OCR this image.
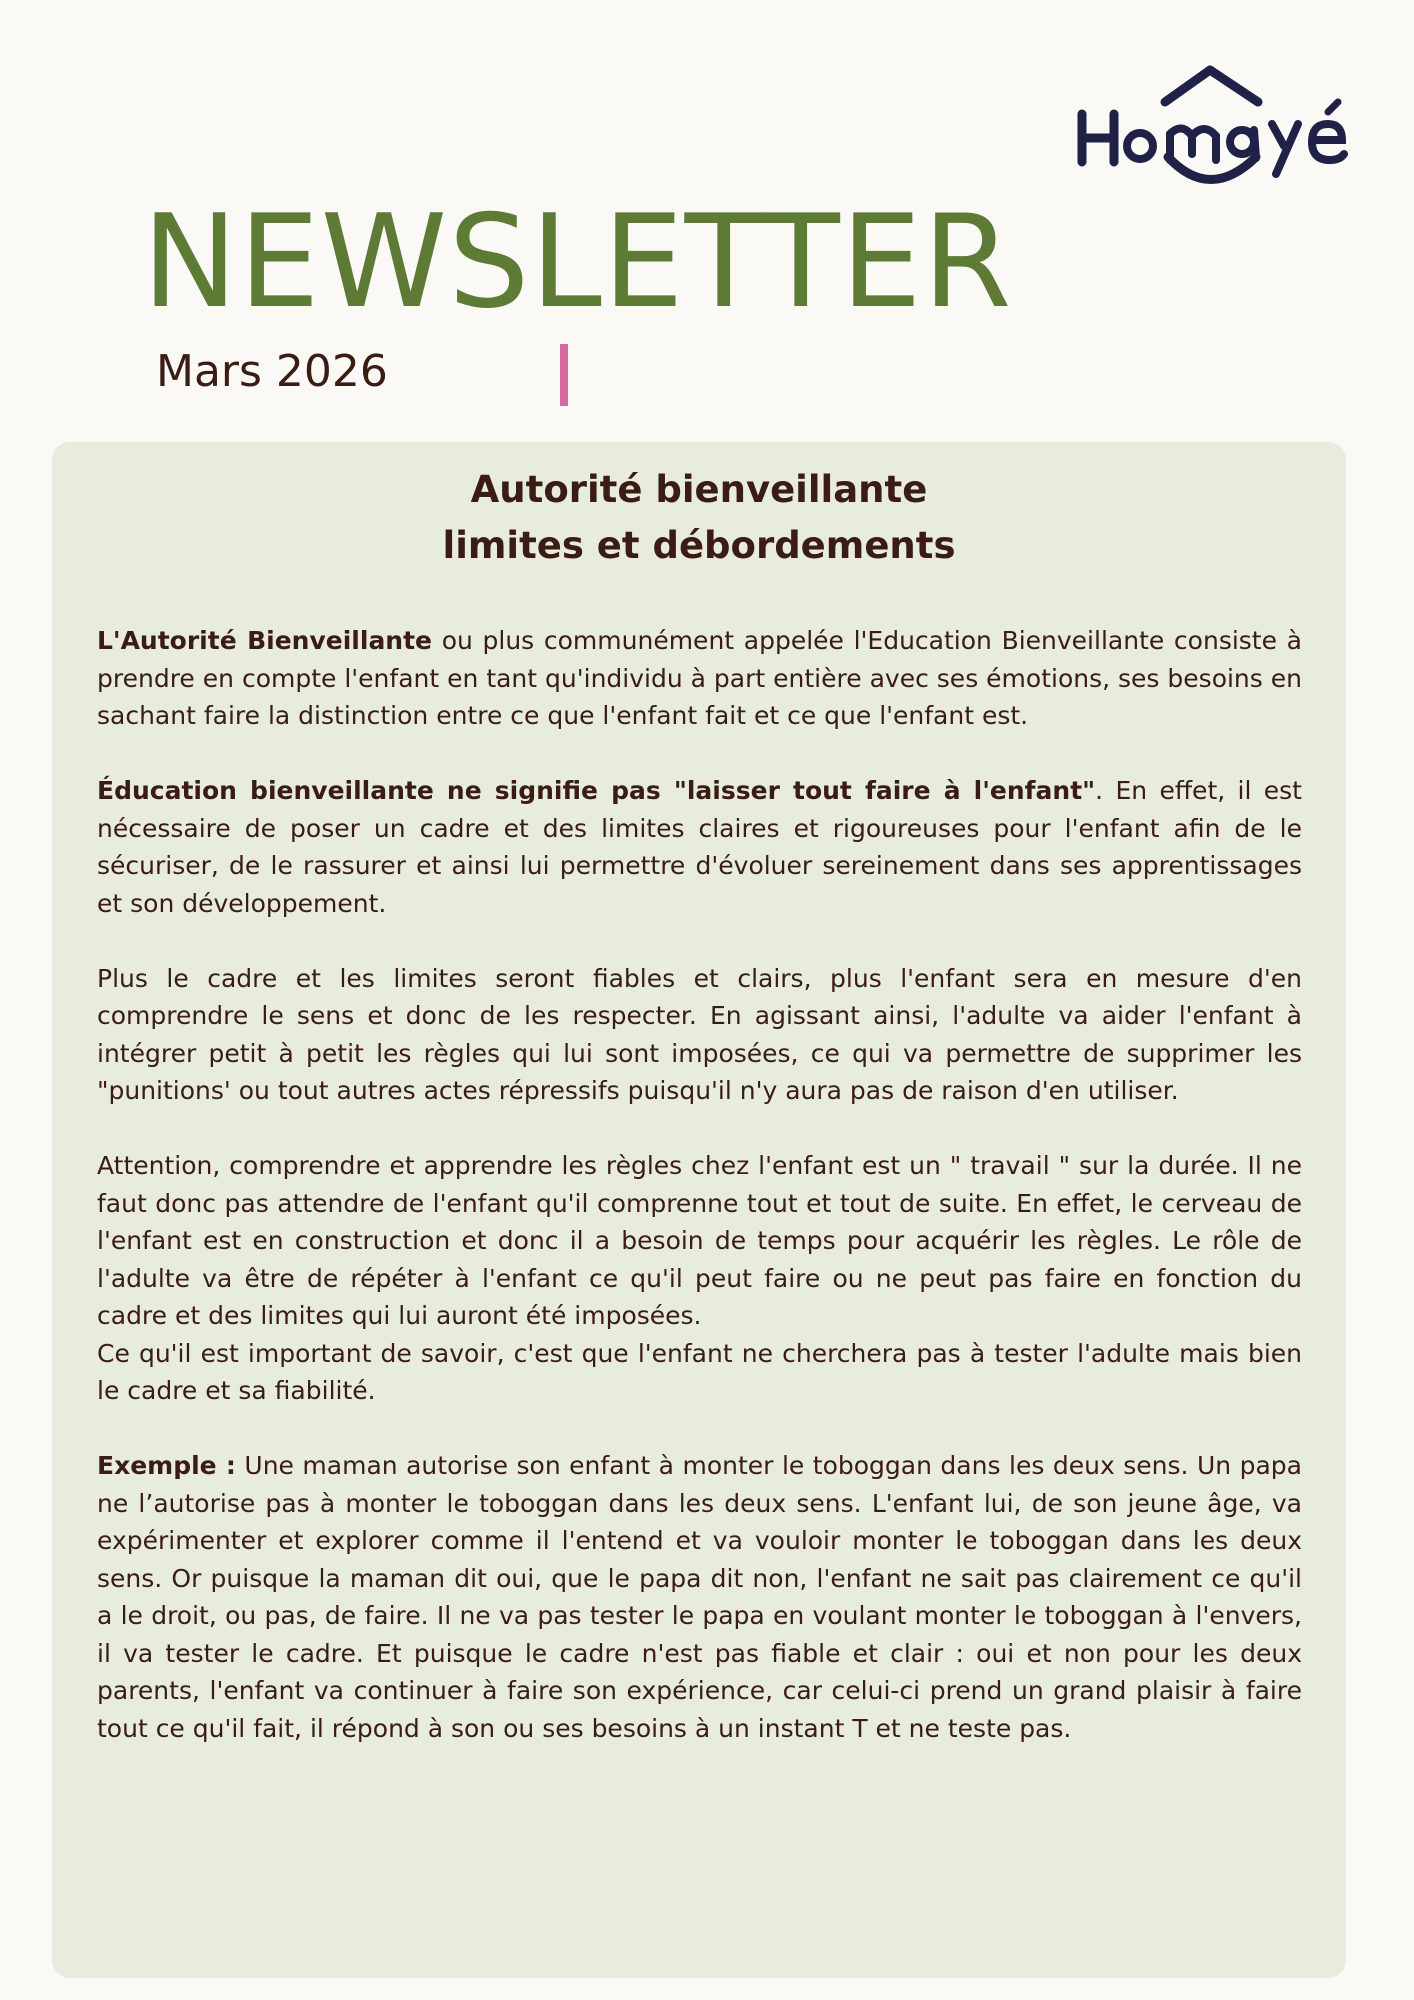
NEWSLETTER
Mars 2026
Autorité bienveillante
limites et débordements

L'Autorité Bienveillante ou plus communément appelée l'Education Bienveillante consiste à prendre en compte l'enfant en tant qu'individu à part entière avec ses émotions, ses besoins en sachant faire la distinction entre ce que l'enfant fait et ce que l'enfant est.

Éducation bienveillante ne signifie pas "laisser tout faire à l'enfant". En effet, il est nécessaire de poser un cadre et des limites claires et rigoureuses pour l'enfant afin de le sécuriser, de le rassurer et ainsi lui permettre d'évoluer sereinement dans ses apprentissages et son développement.

Plus le cadre et les limites seront fiables et clairs, plus l'enfant sera en mesure d'en comprendre le sens et donc de les respecter. En agissant ainsi, l'adulte va aider l'enfant à intégrer petit à petit les règles qui lui sont imposées, ce qui va permettre de supprimer les "punitions' ou tout autres actes répressifs puisqu'il n'y aura pas de raison d'en utiliser.

Attention, comprendre et apprendre les règles chez l'enfant est un " travail " sur la durée. Il ne faut donc pas attendre de l'enfant qu'il comprenne tout et tout de suite. En effet, le cerveau de l'enfant est en construction et donc il a besoin de temps pour acquérir les règles. Le rôle de l'adulte va être de répéter à l'enfant ce qu'il peut faire ou ne peut pas faire en fonction du cadre et des limites qui lui auront été imposées.

Ce qu'il est important de savoir, c'est que l'enfant ne cherchera pas à tester l'adulte mais bien le cadre et sa fiabilité.

Exemple : Une maman autorise son enfant à monter le toboggan dans les deux sens. Un papa ne l’autorise pas à monter le toboggan dans les deux sens. L'enfant lui, de son jeune âge, va expérimenter et explorer comme il l'entend et va vouloir monter le toboggan dans les deux sens. Or puisque la maman dit oui, que le papa dit non, l'enfant ne sait pas clairement ce qu'il a le droit, ou pas, de faire. Il ne va pas tester le papa en voulant monter le toboggan à l'envers, il va tester le cadre. Et puisque le cadre n'est pas fiable et clair : oui et non pour les deux parents, l'enfant va continuer à faire son expérience, car celui-ci prend un grand plaisir à faire tout ce qu'il fait, il répond à son ou ses besoins à un instant T et ne teste pas.
